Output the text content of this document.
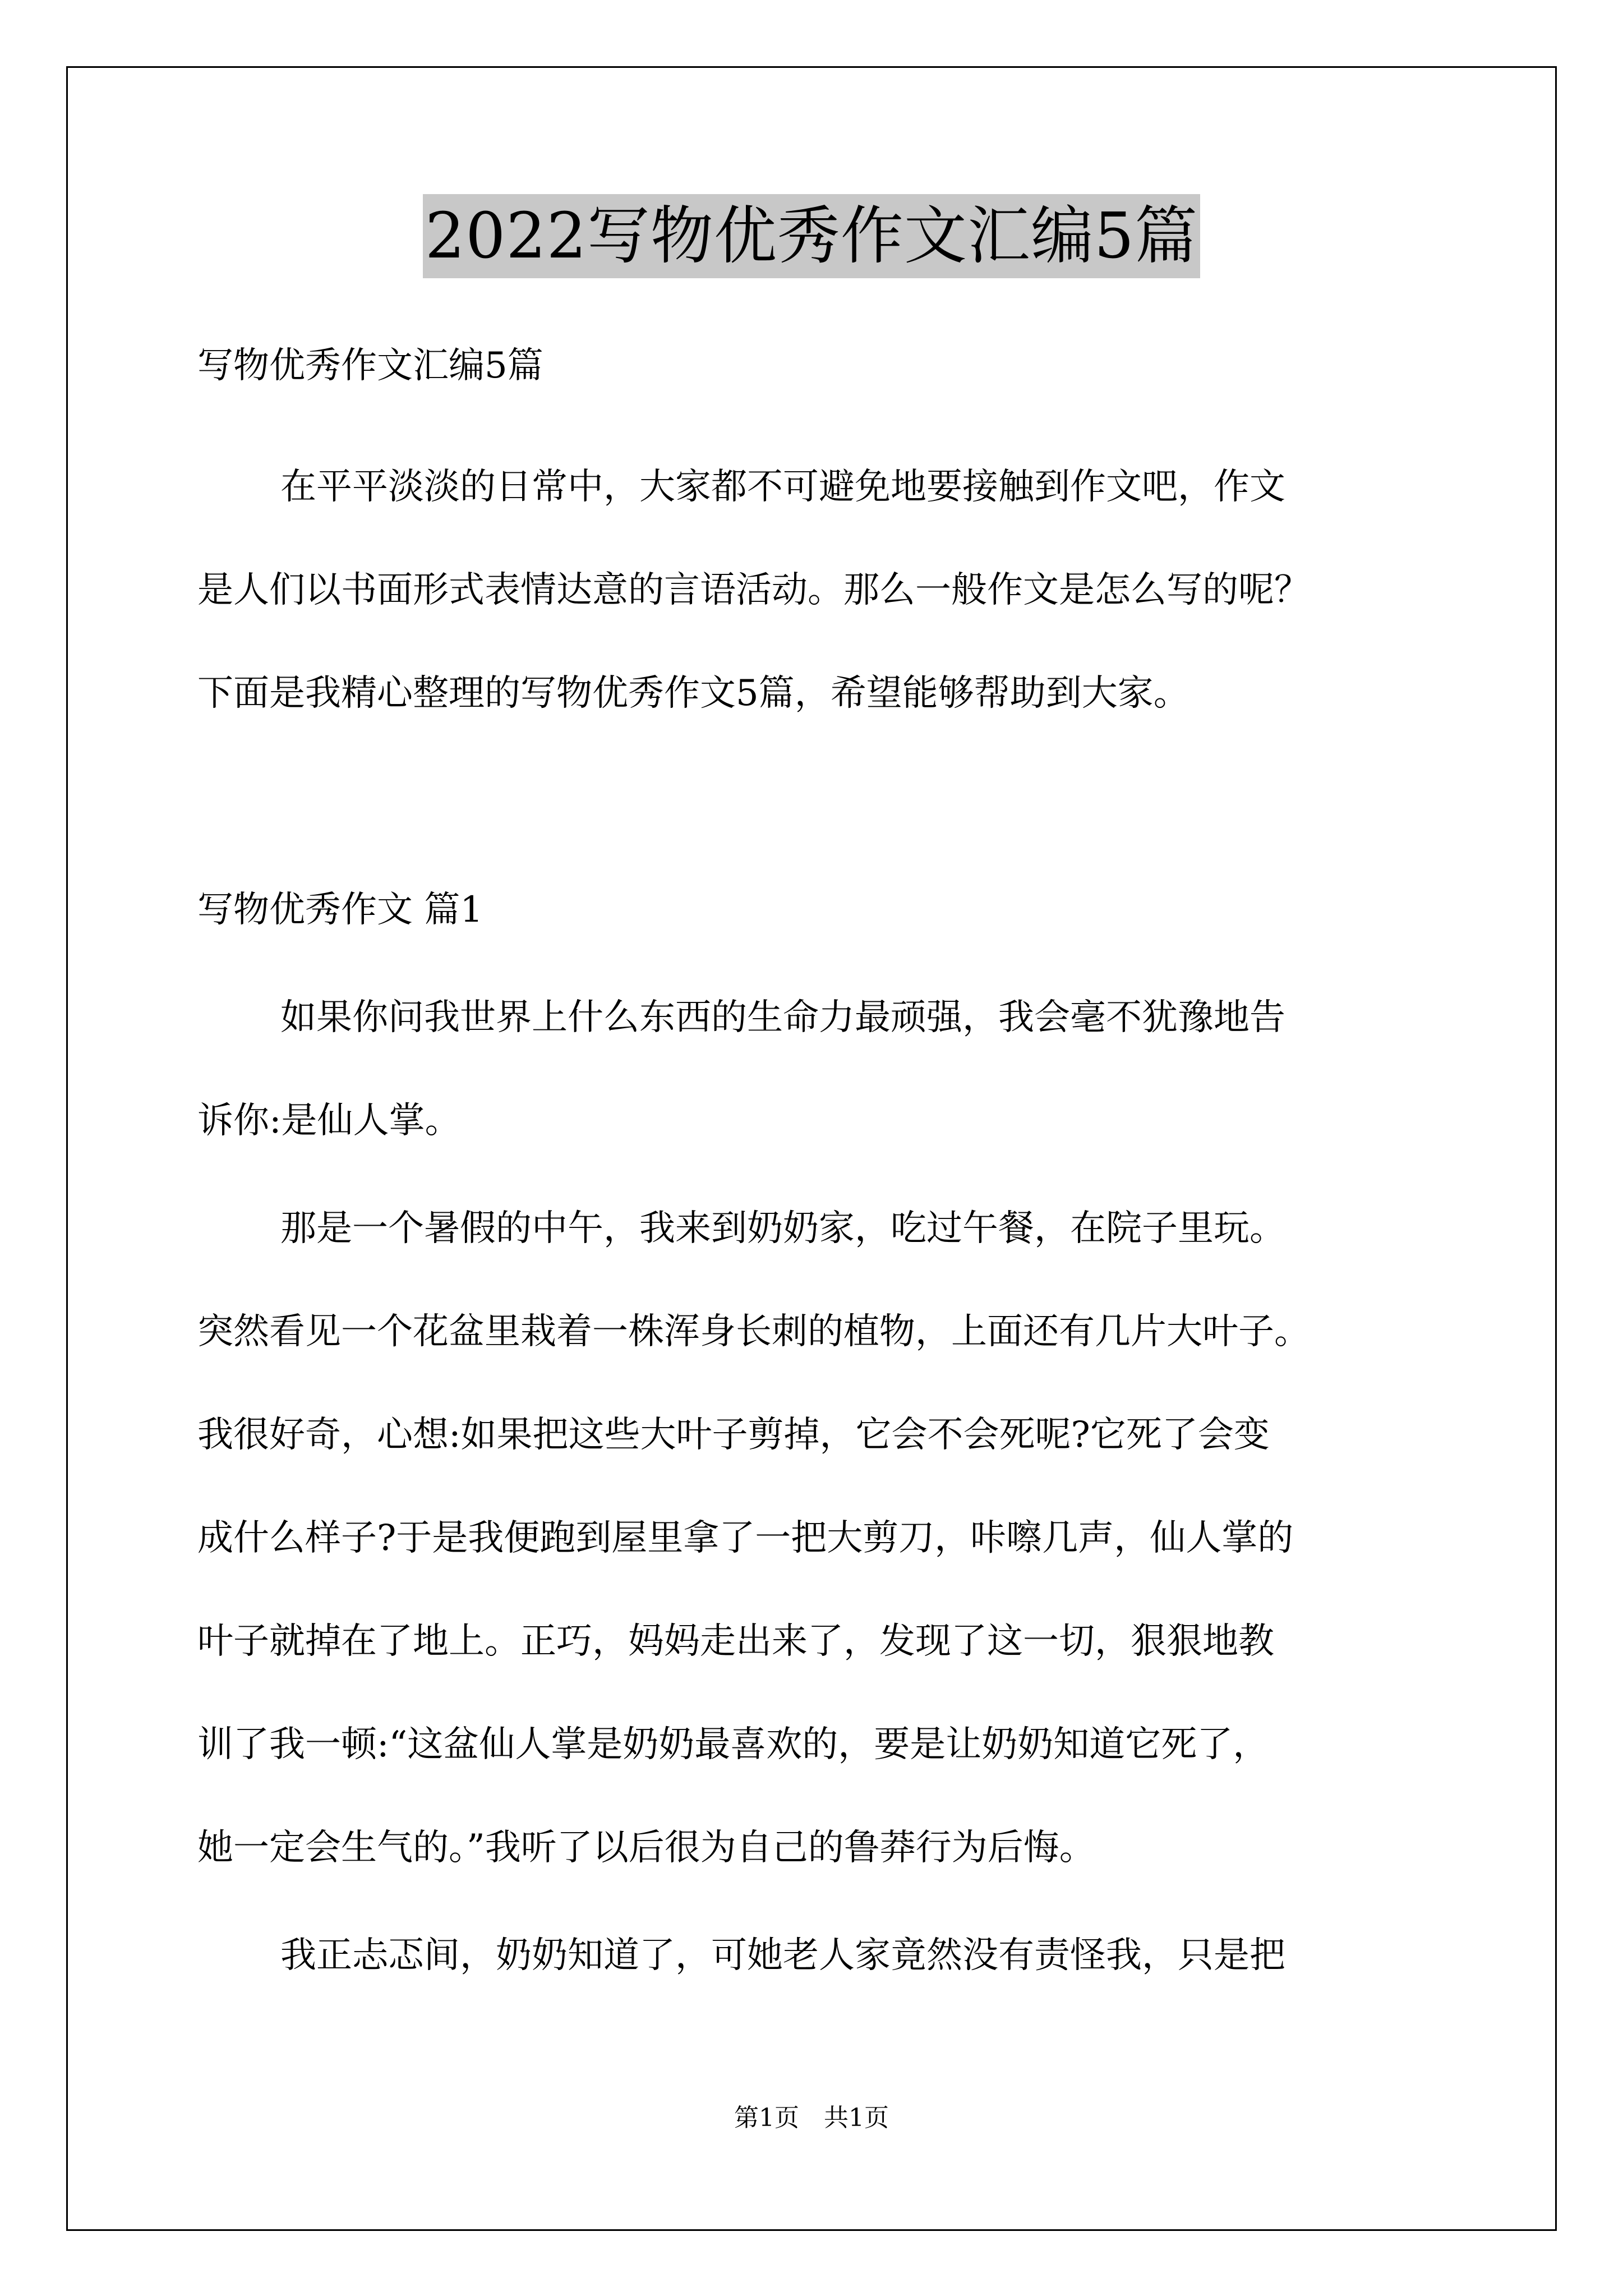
2022写物优秀作文汇编5篇
写物优秀作文汇编5篇
在平平淡淡的日常中，大家都不可避免地要接触到作文吧，作文
是人们以书面形式表情达意的言语活动。那么一般作文是怎么写的呢？
下面是我精心整理的写物优秀作文5篇，希望能够帮助到大家。
写物优秀作文 篇1
如果你问我世界上什么东西的生命力最顽强，我会毫不犹豫地告
诉你:是仙人掌。
那是一个暑假的中午，我来到奶奶家，吃过午餐，在院子里玩。
突然看见一个花盆里栽着一株浑身长刺的植物，上面还有几片大叶子。
我很好奇，心想:如果把这些大叶子剪掉，它会不会死呢?它死了会变
成什么样子?于是我便跑到屋里拿了一把大剪刀，咔嚓几声，仙人掌的
叶子就掉在了地上。正巧，妈妈走出来了，发现了这一切，狠狠地教
训了我一顿:“这盆仙人掌是奶奶最喜欢的，要是让奶奶知道它死了，
她一定会生气的。”我听了以后很为自己的鲁莽行为后悔。
我正忐忑间，奶奶知道了，可她老人家竟然没有责怪我，只是把
第1页　共1页
